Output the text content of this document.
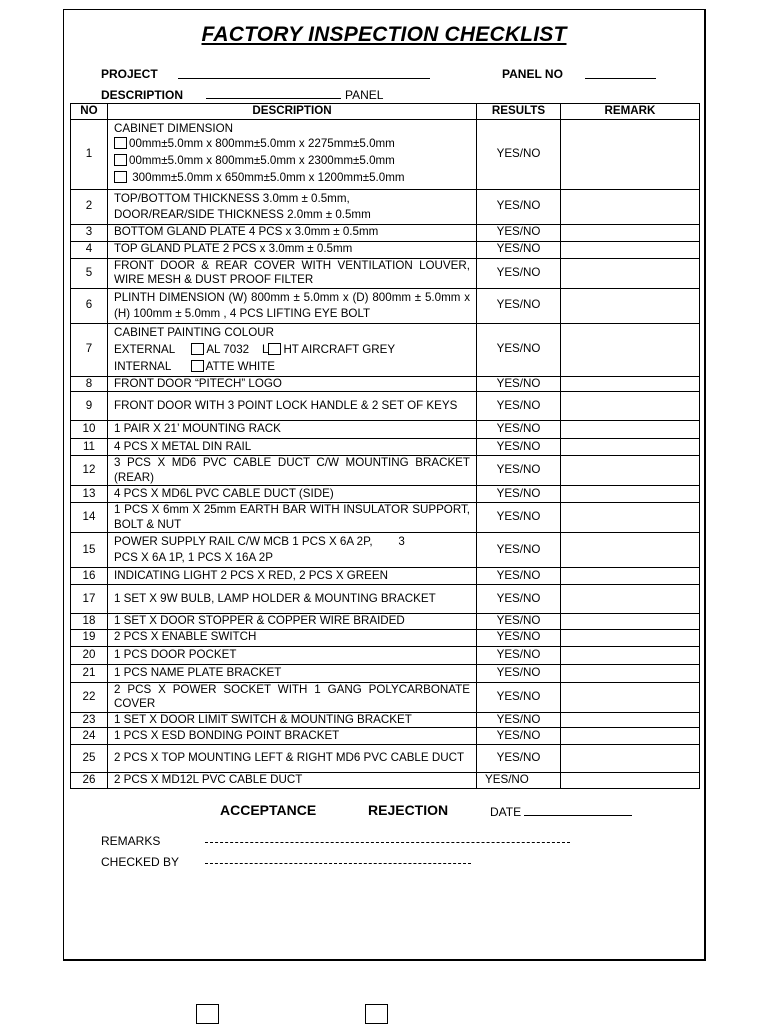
FACTORY INSPECTION CHECKLIST
PROJECT	PANEL NO
DESCRIPTION	PANEL
NO	DESCRIPTION	RESULTS	REMARK
1	CABINET DIMENSION
00mm±5.0mm x 800mm±5.0mm x 2275mm±5.0mm
00mm±5.0mm x 800mm±5.0mm x 2300mm±5.0mm
300mm±5.0mm x 650mm±5.0mm x 1200mm±5.0mm	YES/NO	
2	TOP/BOTTOM THICKNESS 3.0mm ± 0.5mm,
DOOR/REAR/SIDE THICKNESS 2.0mm ± 0.5mm	YES/NO	
3	BOTTOM GLAND PLATE 4 PCS x 3.0mm ± 0.5mm	YES/NO	
4	TOP GLAND PLATE 2 PCS x 3.0mm ± 0.5mm	YES/NO	
5	FRONT DOOR & REAR COVER WITH VENTILATION LOUVER, WIRE MESH & DUST PROOF FILTER	YES/NO	
6	PLINTH DIMENSION (W) 800mm ± 5.0mm x (D) 800mm ± 5.0mm x (H) 100mm ± 5.0mm , 4 PCS LIFTING EYE BOLT	YES/NO	
7	CABINET PAINTING COLOUR
EXTERNAL AL 7032 L HT AIRCRAFT GREY
INTERNAL ATTE WHITE	YES/NO	
8	FRONT DOOR “PITECH” LOGO	YES/NO	
9	FRONT DOOR WITH 3 POINT LOCK HANDLE & 2 SET OF KEYS	YES/NO	
10	1 PAIR X 21’ MOUNTING RACK	YES/NO	
11	4 PCS X METAL DIN RAIL	YES/NO	
12	3 PCS X MD6 PVC CABLE DUCT C/W MOUNTING BRACKET (REAR)	YES/NO	
13	4 PCS X MD6L PVC CABLE DUCT (SIDE)	YES/NO	
14	1 PCS X 6mm X 25mm EARTH BAR WITH INSULATOR SUPPORT, BOLT & NUT	YES/NO	
15	POWER SUPPLY RAIL C/W MCB 1 PCS X 6A 2P,        3
PCS X 6A 1P, 1 PCS X 16A 2P	YES/NO	
16	INDICATING LIGHT 2 PCS X RED, 2 PCS X GREEN	YES/NO	
17	1 SET X 9W BULB, LAMP HOLDER & MOUNTING BRACKET	YES/NO	
18	1 SET X DOOR STOPPER & COPPER WIRE BRAIDED	YES/NO	
19	2 PCS X ENABLE SWITCH	YES/NO	
20	1 PCS DOOR POCKET	YES/NO	
21	1 PCS NAME PLATE BRACKET	YES/NO	
22	2 PCS X POWER SOCKET WITH 1 GANG POLYCARBONATE COVER	YES/NO	
23	1 SET X DOOR LIMIT SWITCH & MOUNTING BRACKET	YES/NO	
24	1 PCS X ESD BONDING POINT BRACKET	YES/NO	
25	2 PCS X TOP MOUNTING LEFT & RIGHT MD6 PVC CABLE DUCT	YES/NO	
26	2 PCS X MD12L PVC CABLE DUCT	YES/NO	
ACCEPTANCE	REJECTION	DATE
REMARKS
CHECKED BY
